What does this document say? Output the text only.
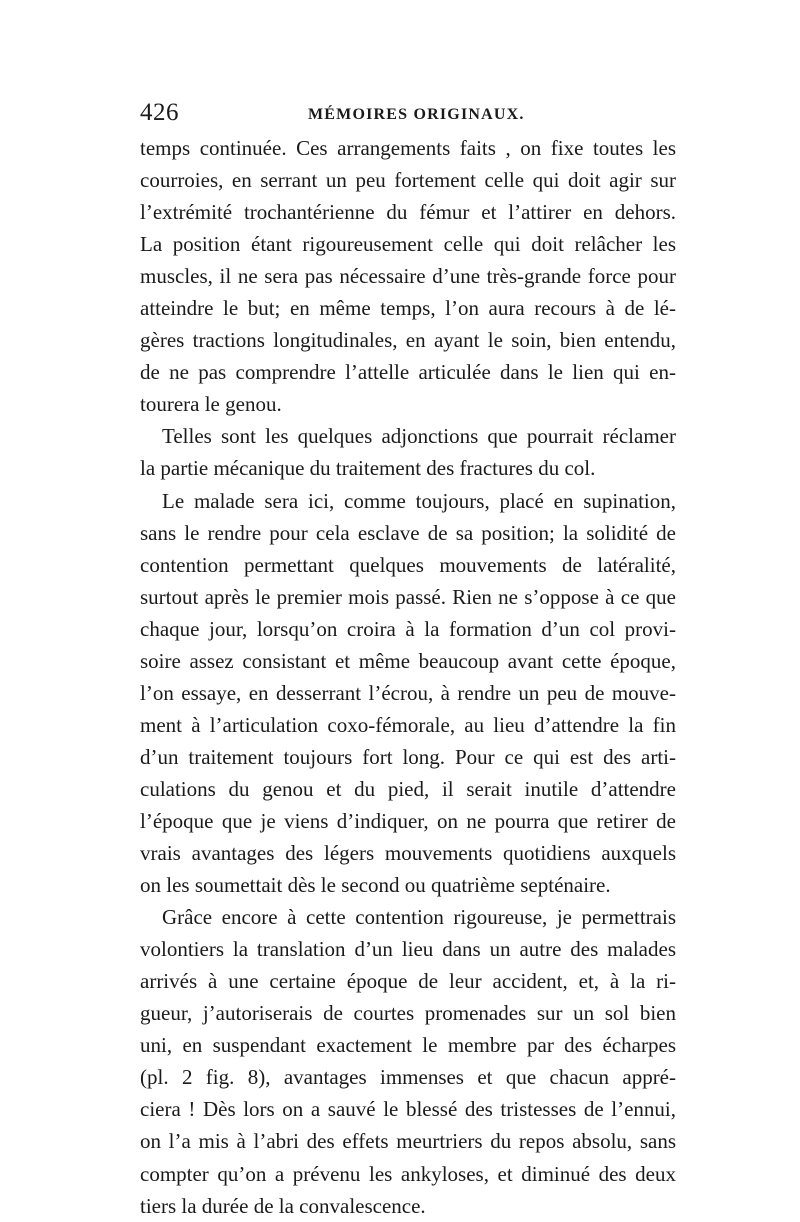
426	MÉMOIRES ORIGINAUX.
temps continuée. Ces arrangements faits , on fixe toutes les
courroies, en serrant un peu fortement celle qui doit agir sur
l’extrémité trochantérienne du fémur et l’attirer en dehors.
La position étant rigoureusement celle qui doit relâcher les
muscles, il ne sera pas nécessaire d’une très-grande force pour
atteindre le but; en même temps, l’on aura recours à de lé-
gères tractions longitudinales, en ayant le soin, bien entendu,
de ne pas comprendre l’attelle articulée dans le lien qui en-
tourera le genou.
Telles sont les quelques adjonctions que pourrait réclamer
la partie mécanique du traitement des fractures du col.
Le malade sera ici, comme toujours, placé en supination,
sans le rendre pour cela esclave de sa position; la solidité de
contention permettant quelques mouvements de latéralité,
surtout après le premier mois passé. Rien ne s’oppose à ce que
chaque jour, lorsqu’on croira à la formation d’un col provi-
soire assez consistant et même beaucoup avant cette époque,
l’on essaye, en desserrant l’écrou, à rendre un peu de mouve-
ment à l’articulation coxo-fémorale, au lieu d’attendre la fin
d’un traitement toujours fort long. Pour ce qui est des arti-
culations du genou et du pied, il serait inutile d’attendre
l’époque que je viens d’indiquer, on ne pourra que retirer de
vrais avantages des légers mouvements quotidiens auxquels
on les soumettait dès le second ou quatrième septénaire.
Grâce encore à cette contention rigoureuse, je permettrais
volontiers la translation d’un lieu dans un autre des malades
arrivés à une certaine époque de leur accident, et, à la ri-
gueur, j’autoriserais de courtes promenades sur un sol bien
uni, en suspendant exactement le membre par des écharpes
(pl. 2 fig. 8), avantages immenses et que chacun appré-
ciera ! Dès lors on a sauvé le blessé des tristesses de l’ennui,
on l’a mis à l’abri des effets meurtriers du repos absolu, sans
compter qu’on a prévenu les ankyloses, et diminué des deux
tiers la durée de la convalescence.
